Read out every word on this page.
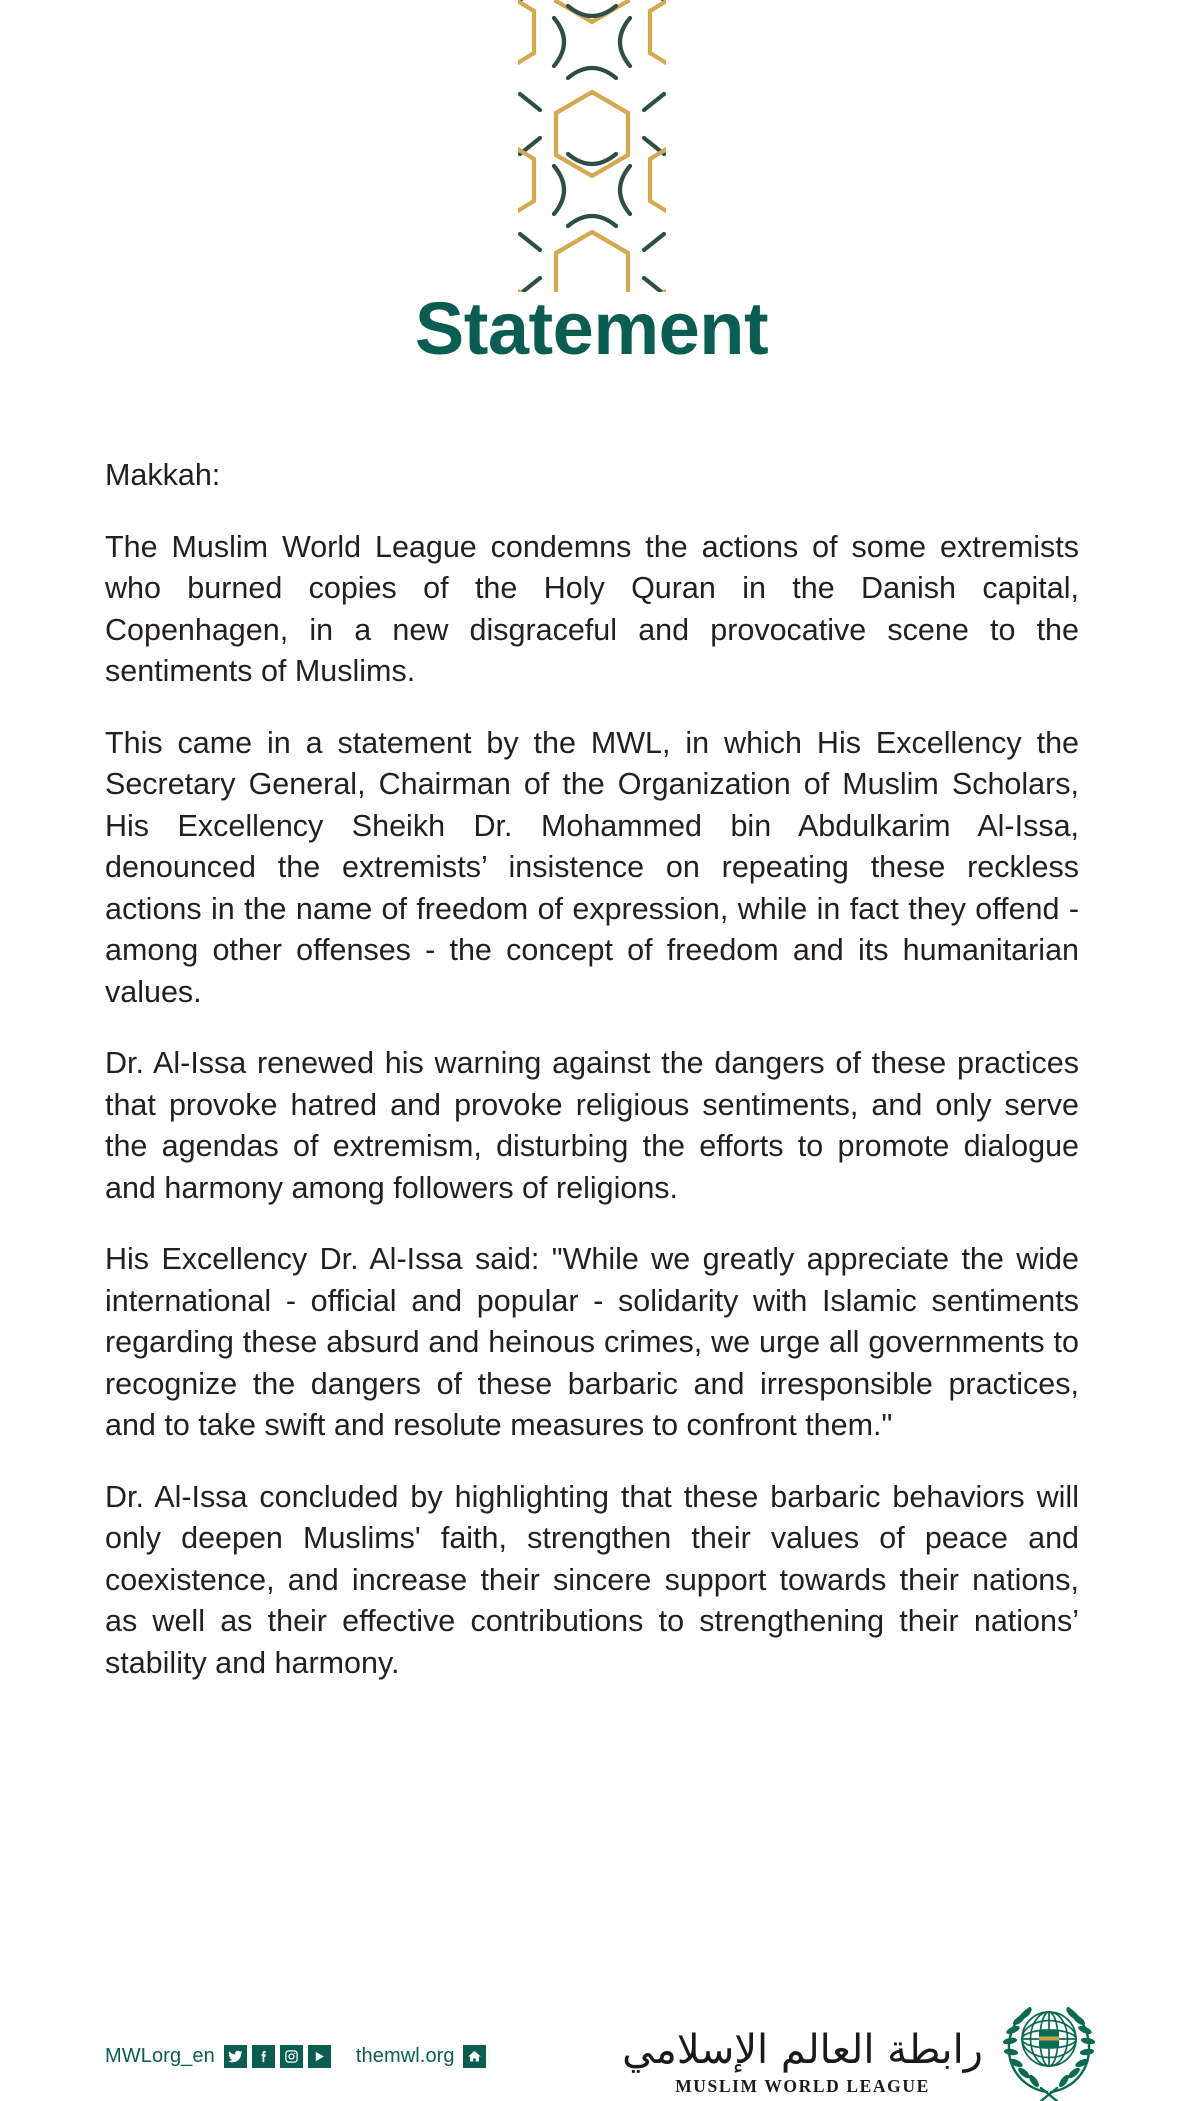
Statement

Makkah:

The Muslim World League condemns the actions of some extremists who burned copies of the Holy Quran in the Danish capital, Copenhagen, in a new disgraceful and provocative scene to the sentiments of Muslims.

This came in a statement by the MWL, in which His Excellency the Secretary General, Chairman of the Organization of Muslim Scholars, His Excellency Sheikh Dr. Mohammed bin Abdulkarim Al-Issa, denounced the extremists’ insistence on repeating these reckless actions in the name of freedom of expression, while in fact they offend - among other offenses - the concept of freedom and its humanitarian values.

Dr. Al-Issa renewed his warning against the dangers of these practices that provoke hatred and provoke religious sentiments, and only serve the agendas of extremism, disturbing the efforts to promote dialogue and harmony among followers of religions.

His Excellency Dr. Al-Issa said: "While we greatly appreciate the wide international - official and popular - solidarity with Islamic sentiments regarding these absurd and heinous crimes, we urge all governments to recognize the dangers of these barbaric and irresponsible practices, and to take swift and resolute measures to confront them."

Dr. Al-Issa concluded by highlighting that these barbaric behaviors will only deepen Muslims' faith, strengthen their values of peace and coexistence, and increase their sincere support towards their nations, as well as their effective contributions to strengthening their nations’ stability and harmony.

MWLorg_en	themwl.org	رابطة العالم الإسلامي
MUSLIM WORLD LEAGUE
